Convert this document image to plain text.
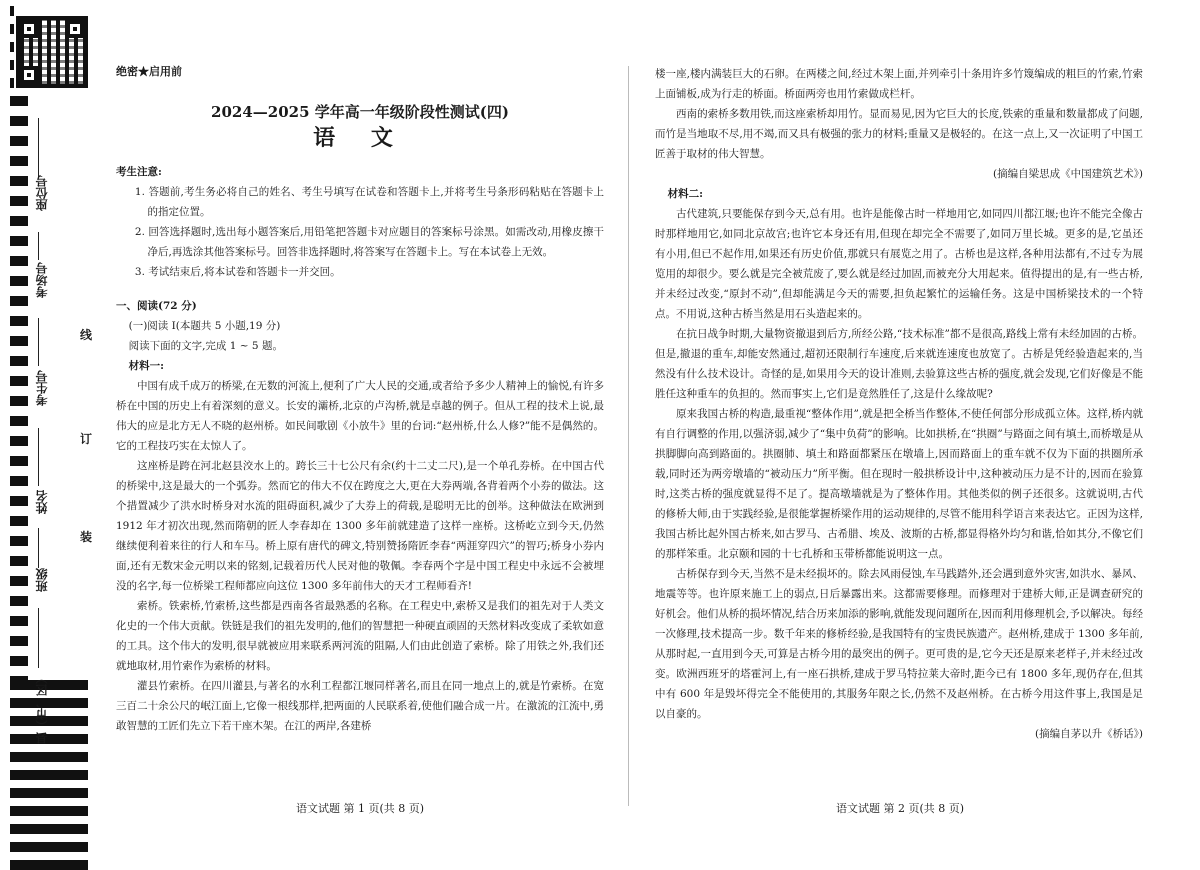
座位号
考场号
考生号
姓名
班级
县（市、区）
线
订
装

绝密★启用前

2024—2025 学年高一年级阶段性测试(四)

语 文

考生注意:

1. 答题前,考生务必将自己的姓名、考生号填写在试卷和答题卡上,并将考生号条形码粘贴在答题卡上的指定位置。

2. 回答选择题时,选出每小题答案后,用铅笔把答题卡对应题目的答案标号涂黑。如需改动,用橡皮擦干净后,再选涂其他答案标号。回答非选择题时,将答案写在答题卡上。写在本试卷上无效。

3. 考试结束后,将本试卷和答题卡一并交回。

一、阅读(72 分)

(一)阅读 I(本题共 5 小题,19 分)

阅读下面的文字,完成 1 ~ 5 题。

材料一:

中国有成千成万的桥梁,在无数的河流上,便利了广大人民的交通,或者给予多少人精神上的愉悦,有许多桥在中国的历史上有着深刻的意义。长安的灞桥,北京的卢沟桥,就是卓越的例子。但从工程的技术上说,最伟大的应是北方无人不晓的赵州桥。如民间歌剧《小放牛》里的台词:“赵州桥,什么人修?”能不是偶然的。它的工程技巧实在太惊人了。

这座桥是跨在河北赵县洨水上的。跨长三十七公尺有余(约十二丈二尺),是一个单孔券桥。在中国古代的桥梁中,这是最大的一个弧券。然而它的伟大不仅在跨度之大,更在大券两端,各背着两个小券的做法。这个措置减少了洪水时桥身对水流的阻碍面积,减少了大券上的荷载,是聪明无比的创举。这种做法在欧洲到 1912 年才初次出现,然而隋朝的匠人李春却在 1300 多年前就建造了这样一座桥。这桥屹立到今天,仍然继续便利着来往的行人和车马。桥上原有唐代的碑文,特别赞扬隋匠李春“两涯穿四穴”的智巧;桥身小券内面,还有无数宋金元明以来的铭刻,记载着历代人民对他的敬佩。李春两个字是中国工程史中永远不会被埋没的名字,每一位桥梁工程师都应向这位 1300 多年前伟大的天才工程师看齐!

索桥。铁索桥,竹索桥,这些都是西南各省最熟悉的名称。在工程史中,索桥又是我们的祖先对于人类文化史的一个伟大贡献。铁链是我们的祖先发明的,他们的智慧把一种硬直顽固的天然材料改变成了柔软如意的工具。这个伟大的发明,很早就被应用来联系两河流的阻隔,人们由此创造了索桥。除了用铁之外,我们还就地取材,用竹索作为索桥的材料。

灌县竹索桥。在四川灌县,与著名的水利工程都江堰同样著名,而且在同一地点上的,就是竹索桥。在宽三百二十余公尺的岷江面上,它像一根线那样,把两面的人民联系着,使他们融合成一片。在激流的江流中,勇敢智慧的工匠们先立下若干座木架。在江的两岸,各建桥

语文试题 第 1 页(共 8 页)

楼一座,楼内满装巨大的石卵。在两楼之间,经过木架上面,并列牵引十条用许多竹篾编成的粗巨的竹索,竹索上面铺板,成为行走的桥面。桥面两旁也用竹索做成栏杆。

西南的索桥多数用铁,而这座索桥却用竹。显而易见,因为它巨大的长度,铁索的重量和数量都成了问题,而竹是当地取不尽,用不竭,而又具有极强的张力的材料;重量又是极轻的。在这一点上,又一次证明了中国工匠善于取材的伟大智慧。

(摘编自梁思成《中国建筑艺术》)

材料二:

古代建筑,只要能保存到今天,总有用。也许是能像古时一样地用它,如同四川都江堰;也许不能完全像古时那样地用它,如同北京故宫;也许它本身还有用,但现在却完全不需要了,如同万里长城。更多的是,它虽还有小用,但已不起作用,如果还有历史价值,那就只有展览之用了。古桥也是这样,各种用法都有,不过专为展览用的却很少。要么就是完全被荒废了,要么就是经过加固,而被充分大用起来。值得提出的是,有一些古桥,并未经过改变,“原封不动”,但却能满足今天的需要,担负起繁忙的运输任务。这是中国桥梁技术的一个特点。不用说,这种古桥当然是用石头造起来的。

在抗日战争时期,大量物资撤退到后方,所经公路,“技术标准”都不是很高,路线上常有未经加固的古桥。但是,撤退的重车,却能安然通过,超初还限制行车速度,后来就连速度也放宽了。古桥是凭经验造起来的,当然没有什么技术设计。奇怪的是,如果用今天的设计准则,去验算这些古桥的强度,就会发现,它们好像是不能胜任这种重车的负担的。然而事实上,它们是竟然胜任了,这是什么缘故呢?

原来我国古桥的构造,最重视“整体作用”,就是把全桥当作整体,不使任何部分形成孤立体。这样,桥内就有自行调整的作用,以强济弱,减少了“集中负荷”的影响。比如拱桥,在“拱圈”与路面之间有填土,而桥墩是从拱脚脚向高到路面的。拱圈肺、填土和路面都紧压在墩墙上,因而路面上的重车就不仅为下面的拱圈所承载,同时还为两旁墩墙的“被动压力”所平衡。但在现时一般拱桥设计中,这种被动压力是不计的,因而在验算时,这类古桥的强度就显得不足了。提高墩墙就是为了整体作用。其他类似的例子还很多。这就说明,古代的修桥大师,由于实践经验,是很能掌握桥梁作用的运动规律的,尽管不能用科学语言来表达它。正因为这样,我国古桥比起外国古桥来,如古罗马、古希腊、埃及、波斯的古桥,都显得格外均匀和谐,恰如其分,不像它们的那样笨重。北京颐和园的十七孔桥和玉带桥都能说明这一点。

古桥保存到今天,当然不是未经损坏的。除去风雨侵蚀,车马践踏外,还会遇到意外灾害,如洪水、暴风、地震等等。也许原来施工上的弱点,日后暴露出来。这都需要修理。而修理对于建桥大师,正是调查研究的好机会。他们从桥的损坏情况,结合历来加添的影响,就能发现问题所在,因而利用修理机会,予以解决。每经一次修理,技术提高一步。数千年来的修桥经验,是我国特有的宝贵民族遗产。赵州桥,建成于 1300 多年前,从那时起,一直用到今天,可算是古桥今用的最突出的例子。更可贵的是,它今天还是原来老样子,并未经过改变。欧洲西班牙的塔霍河上,有一座石拱桥,建成于罗马特拉莱大帝时,距今已有 1800 多年,现仍存在,但其中有 600 年是毁坏得完全不能使用的,其服务年限之长,仍然不及赵州桥。在古桥今用这件事上,我国是足以自豪的。

(摘编自茅以升《桥话》)

语文试题 第 2 页(共 8 页)
